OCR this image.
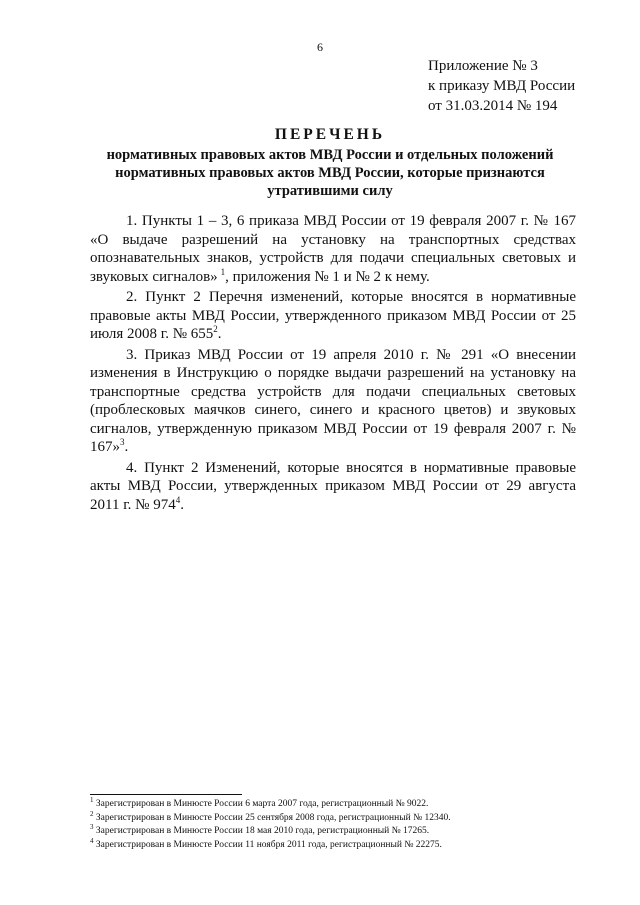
6
Приложение № 3
к приказу МВД России
от 31.03.2014 № 194
ПЕРЕЧЕНЬ
нормативных правовых актов МВД России и отдельных положений
нормативных правовых актов МВД России, которые признаются
утратившими силу

1. Пункты 1 – 3, 6 приказа МВД России от 19 февраля 2007 г. № 167 «О выдаче разрешений на установку на транспортных средствах опознавательных знаков, устройств для подачи специальных световых и звуковых сигналов»  $^1$, приложения № 1 и № 2 к нему.

2. Пункт 2 Перечня изменений, которые вносятся в нормативные правовые акты МВД России, утвержденного приказом МВД России от 25 июля 2008 г. № $655^2$.

3. Приказ МВД России от 19 апреля 2010 г. № 291 «О внесении изменения в Инструкцию о порядке выдачи разрешений на установку на транспортные средства устройств для подачи специальных световых (проблесковых маячков синего, синего и красного цветов) и звуковых сигналов, утвержденную приказом МВД России от 19 февраля 2007 г. № 167»$^3$.

4. Пункт 2 Изменений, которые вносятся в нормативные правовые акты МВД России, утвержденных приказом МВД России от 29 августа 2011 г. № $974^4$.

$^1$ Зарегистрирован в Минюсте России 6 марта 2007 года, регистрационный № 9022.
$^2$ Зарегистрирован в Минюсте России 25 сентября 2008 года, регистрационный № 12340.
$^3$ Зарегистрирован в Минюсте России 18 мая 2010 года, регистрационный № 17265.
$^4$ Зарегистрирован в Минюсте России 11 ноября 2011 года, регистрационный № 22275.
